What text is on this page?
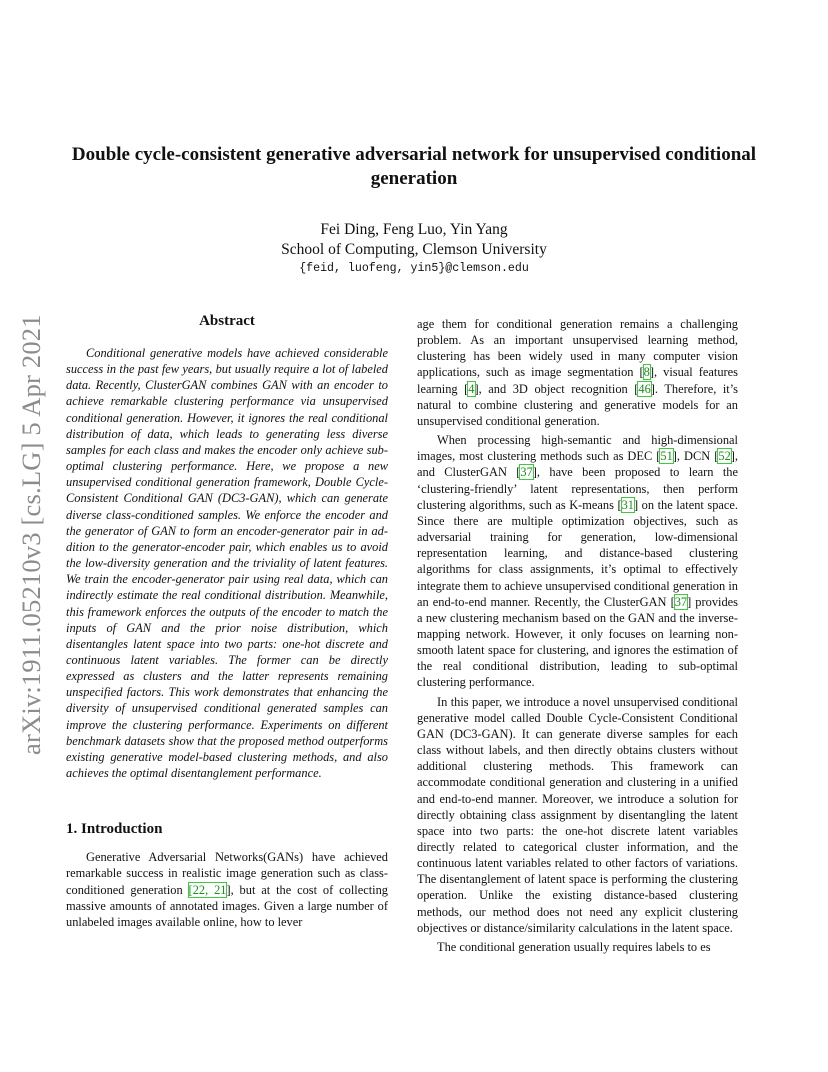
arXiv:1911.05210v3 [cs.LG] 5 Apr 2021
Double cycle-consistent generative adversarial network for unsupervised conditional generation
Fei Ding, Feng Luo, Yin Yang
School of Computing, Clemson University
{feid, luofeng, yin5}@clemson.edu
Abstract

Conditional generative models have achieved considerable success in the past few years, but usually require a lot of labeled data. Recently, ClusterGAN combines GAN with an encoder to achieve remarkable clustering performance via unsupervised conditional generation. However, it ignores the real conditional distribution of data, which leads to generating less diverse samples for each class and makes the encoder only achieve sub-optimal clustering performance. Here, we propose a new unsupervised conditional generation framework, Double Cycle-Consistent Conditional GAN (DC3-GAN), which can generate diverse class-conditioned samples. We enforce the encoder and the generator of GAN to form an encoder-generator pair in addition to the generator-encoder pair, which enables us to avoid the low-diversity generation and the triviality of latent features. We train the encoder-generator pair using real data, which can indirectly estimate the real conditional distribution. Meanwhile, this framework enforces the outputs of the encoder to match the inputs of GAN and the prior noise distribution, which disentangles latent space into two parts: one-hot discrete and continuous latent variables. The former can be directly expressed as clusters and the latter represents remaining unspecified factors. This work demonstrates that enhancing the diversity of unsupervised conditional generated samples can improve the clustering performance. Experiments on different benchmark datasets show that the proposed method outperforms existing generative model-based clustering methods, and also achieves the optimal disentanglement performance.

1. Introduction

Generative Adversarial Networks(GANs) have achieved remarkable success in realistic image generation such as class-conditioned generation [22, 21], but at the cost of collecting massive amounts of annotated images. Given a large number of unlabeled images available online, how to lever

age them for conditional generation remains a challenging problem. As an important unsupervised learning method, clustering has been widely used in many computer vision applications, such as image segmentation [8], visual features learning [4], and 3D object recognition [46]. Therefore, it’s natural to combine clustering and generative models for an unsupervised conditional generation.

When processing high-semantic and high-dimensional images, most clustering methods such as DEC [51], DCN [52], and ClusterGAN [37], have been proposed to learn the ‘clustering-friendly’ latent representations, then perform clustering algorithms, such as K-means [31] on the latent space. Since there are multiple optimization objectives, such as adversarial training for generation, low-dimensional representation learning, and distance-based clustering algorithms for class assignments, it’s optimal to effectively integrate them to achieve unsupervised conditional generation in an end-to-end manner. Recently, the ClusterGAN [37] provides a new clustering mechanism based on the GAN and the inverse-mapping network. However, it only focuses on learning non-smooth latent space for clustering, and ignores the estimation of the real conditional distribution, leading to sub-optimal clustering performance.

In this paper, we introduce a novel unsupervised conditional generative model called Double Cycle-Consistent Conditional GAN (DC3-GAN). It can generate diverse samples for each class without labels, and then directly obtains clusters without additional clustering methods. This framework can accommodate conditional generation and clustering in a unified and end-to-end manner. Moreover, we introduce a solution for directly obtaining class assignment by disentangling the latent space into two parts: the one-hot discrete latent variables directly related to categorical cluster information, and the continuous latent variables related to other factors of variations. The disentanglement of latent space is performing the clustering operation. Unlike the existing distance-based clustering methods, our method does not need any explicit clustering objectives or distance/similarity calculations in the latent space.

The conditional generation usually requires labels to es
